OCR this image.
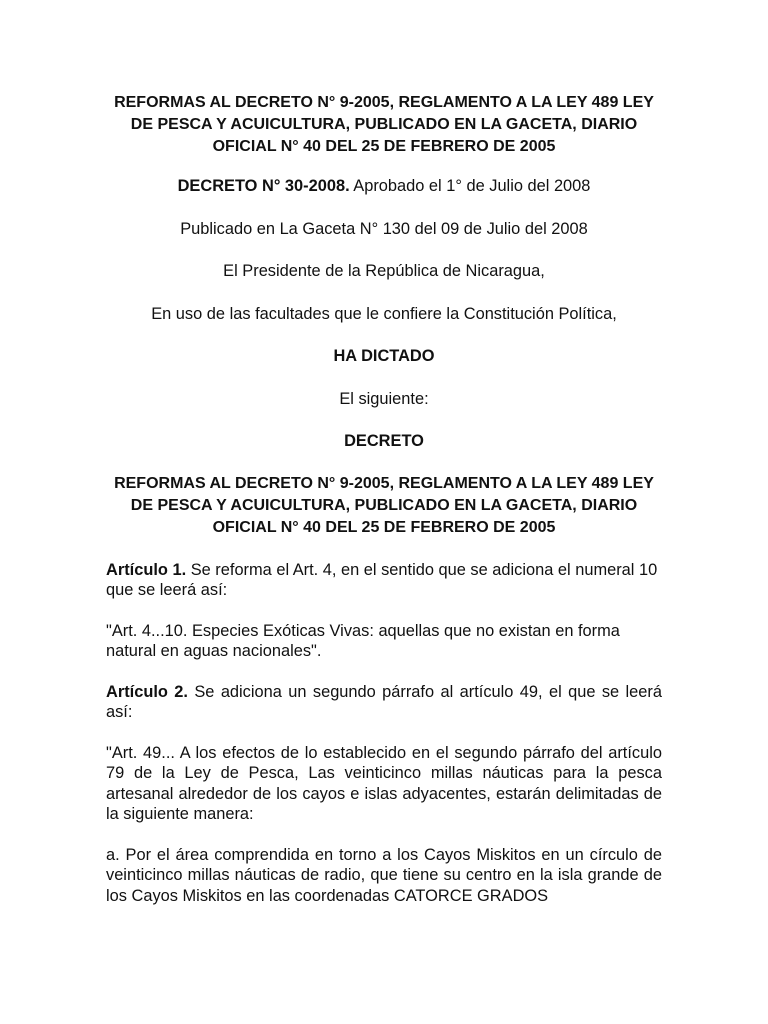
REFORMAS AL DECRETO N° 9-2005, REGLAMENTO A LA LEY 489 LEY DE PESCA Y ACUICULTURA, PUBLICADO EN LA GACETA, DIARIO OFICIAL N° 40 DEL 25 DE FEBRERO DE 2005

DECRETO N° 30-2008. Aprobado el 1° de Julio del 2008

Publicado en La Gaceta N° 130 del 09 de Julio del 2008

El Presidente de la República de Nicaragua,

En uso de las facultades que le confiere la Constitución Política,

HA DICTADO

El siguiente:

DECRETO

REFORMAS AL DECRETO N° 9-2005, REGLAMENTO A LA LEY 489 LEY DE PESCA Y ACUICULTURA, PUBLICADO EN LA GACETA, DIARIO OFICIAL N° 40 DEL 25 DE FEBRERO DE 2005

Artículo 1. Se reforma el Art. 4, en el sentido que se adiciona el numeral 10 que se leerá así:

"Art. 4...10. Especies Exóticas Vivas: aquellas que no existan en forma natural en aguas nacionales".

Artículo 2. Se adiciona un segundo párrafo al artículo 49, el que se leerá así:

"Art. 49... A los efectos de lo establecido en el segundo párrafo del artículo 79 de la Ley de Pesca, Las veinticinco millas náuticas para la pesca artesanal alrededor de los cayos e islas adyacentes, estarán delimitadas de la siguiente manera:

a. Por el área comprendida en torno a los Cayos Miskitos en un círculo de veinticinco millas náuticas de radio, que tiene su centro en la isla grande de los Cayos Miskitos en las coordenadas CATORCE GRADOS
